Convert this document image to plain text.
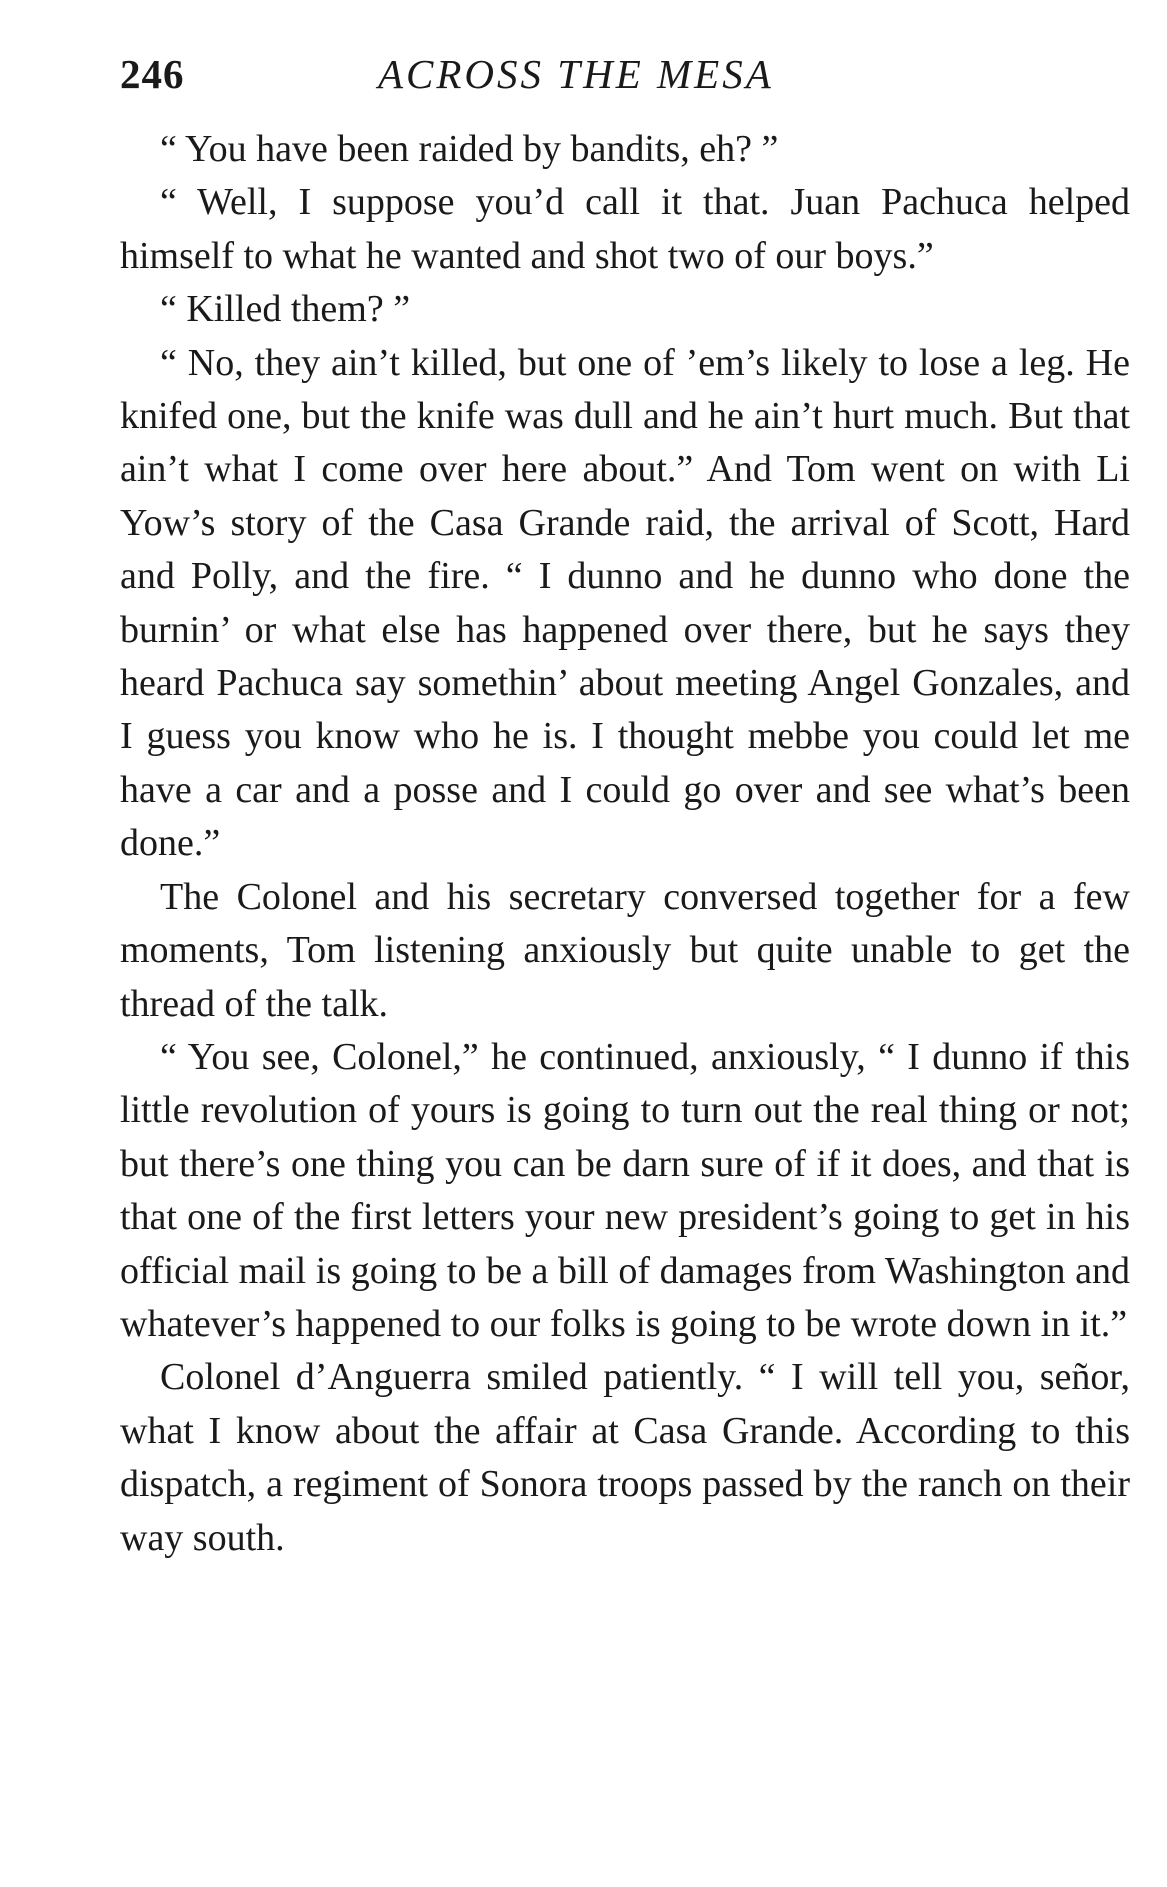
246	ACROSS THE MESA

“ You have been raided by bandits, eh? ”

“ Well, I suppose you’d call it that. Juan Pachuca helped himself to what he wanted and shot two of our boys.”

“ Killed them? ”

“ No, they ain’t killed, but one of ’em’s likely to lose a leg. He knifed one, but the knife was dull and he ain’t hurt much. But that ain’t what I come over here about.” And Tom went on with Li Yow’s story of the Casa Grande raid, the arrival of Scott, Hard and Polly, and the fire. “ I dunno and he dunno who done the burnin’ or what else has happened over there, but he says they heard Pachuca say somethin’ about meeting Angel Gonzales, and I guess you know who he is. I thought mebbe you could let me have a car and a posse and I could go over and see what’s been done.”

The Colonel and his secretary conversed together for a few moments, Tom listening anxiously but quite unable to get the thread of the talk.

“ You see, Colonel,” he continued, anxiously, “ I dunno if this little revolution of yours is going to turn out the real thing or not; but there’s one thing you can be darn sure of if it does, and that is that one of the first letters your new president’s going to get in his official mail is going to be a bill of damages from Washington and whatever’s happened to our folks is going to be wrote down in it.”

Colonel d’Anguerra smiled patiently. “ I will tell you, señor, what I know about the affair at Casa Grande. According to this dispatch, a regiment of Sonora troops passed by the ranch on their way south.
